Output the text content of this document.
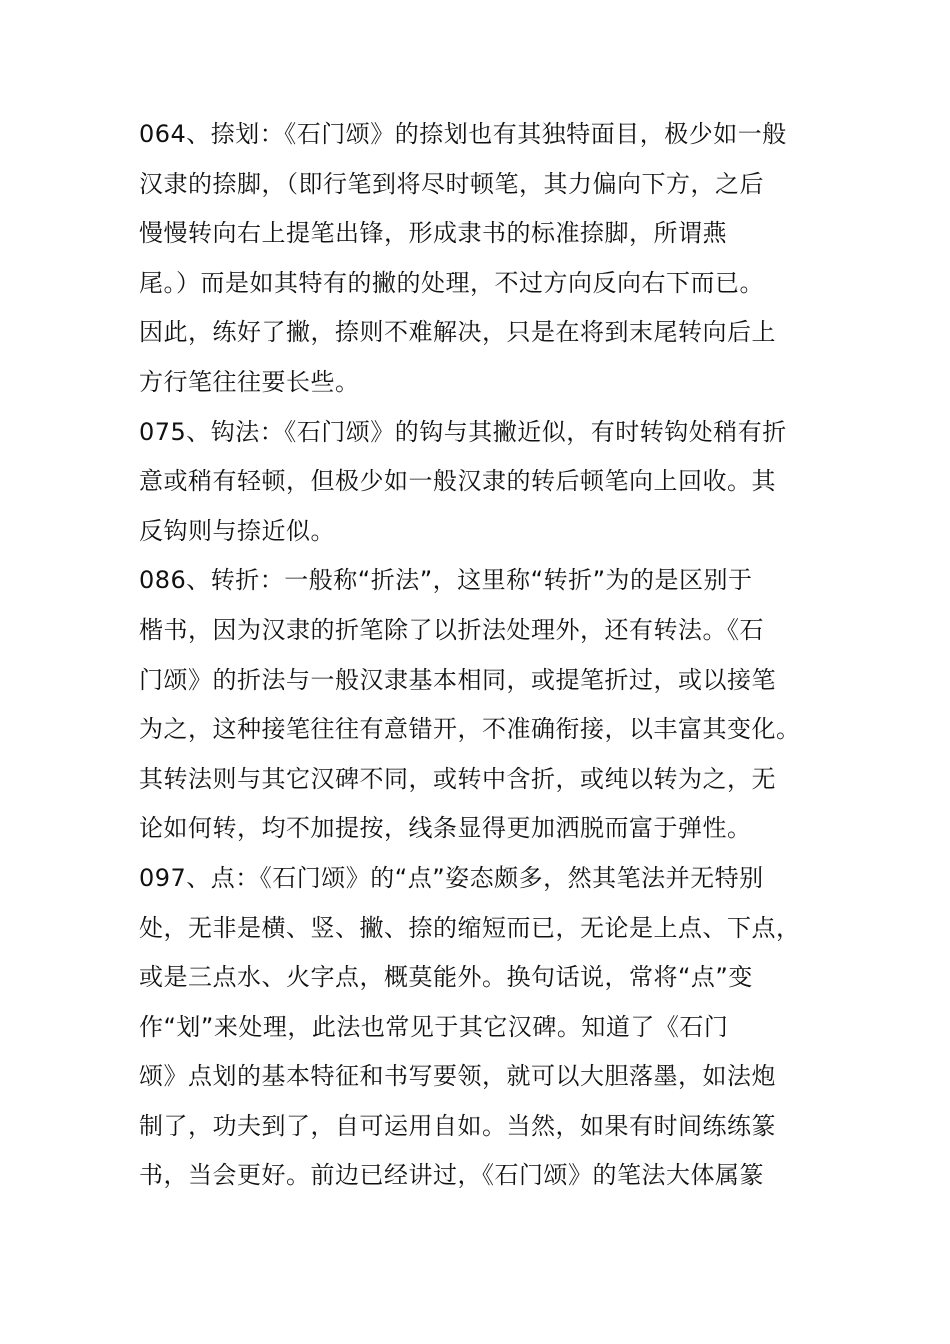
064、捺划：《石门颂》的捺划也有其独特面目，极少如一般
汉隶的捺脚，（即行笔到将尽时顿笔，其力偏向下方，之后
慢慢转向右上提笔出锋，形成隶书的标准捺脚，所谓燕
尾。）而是如其特有的撇的处理，不过方向反向右下而已。
因此，练好了撇，捺则不难解决，只是在将到末尾转向后上
方行笔往往要长些。
075、钩法：《石门颂》的钩与其撇近似，有时转钩处稍有折
意或稍有轻顿，但极少如一般汉隶的转后顿笔向上回收。其
反钩则与捺近似。
086、转折：一般称“折法”，这里称“转折”为的是区别于
楷书，因为汉隶的折笔除了以折法处理外，还有转法。《石
门颂》的折法与一般汉隶基本相同，或提笔折过，或以接笔
为之，这种接笔往往有意错开，不准确衔接，以丰富其变化。
其转法则与其它汉碑不同，或转中含折，或纯以转为之，无
论如何转，均不加提按，线条显得更加洒脱而富于弹性。
097、点：《石门颂》的“点”姿态颇多，然其笔法并无特别
处，无非是横、竖、撇、捺的缩短而已，无论是上点、下点，
或是三点水、火字点，概莫能外。换句话说，常将“点”变
作“划”来处理，此法也常见于其它汉碑。知道了《石门
颂》点划的基本特征和书写要领，就可以大胆落墨，如法炮
制了，功夫到了，自可运用自如。当然，如果有时间练练篆
书，当会更好。前边已经讲过，《石门颂》的笔法大体属篆
